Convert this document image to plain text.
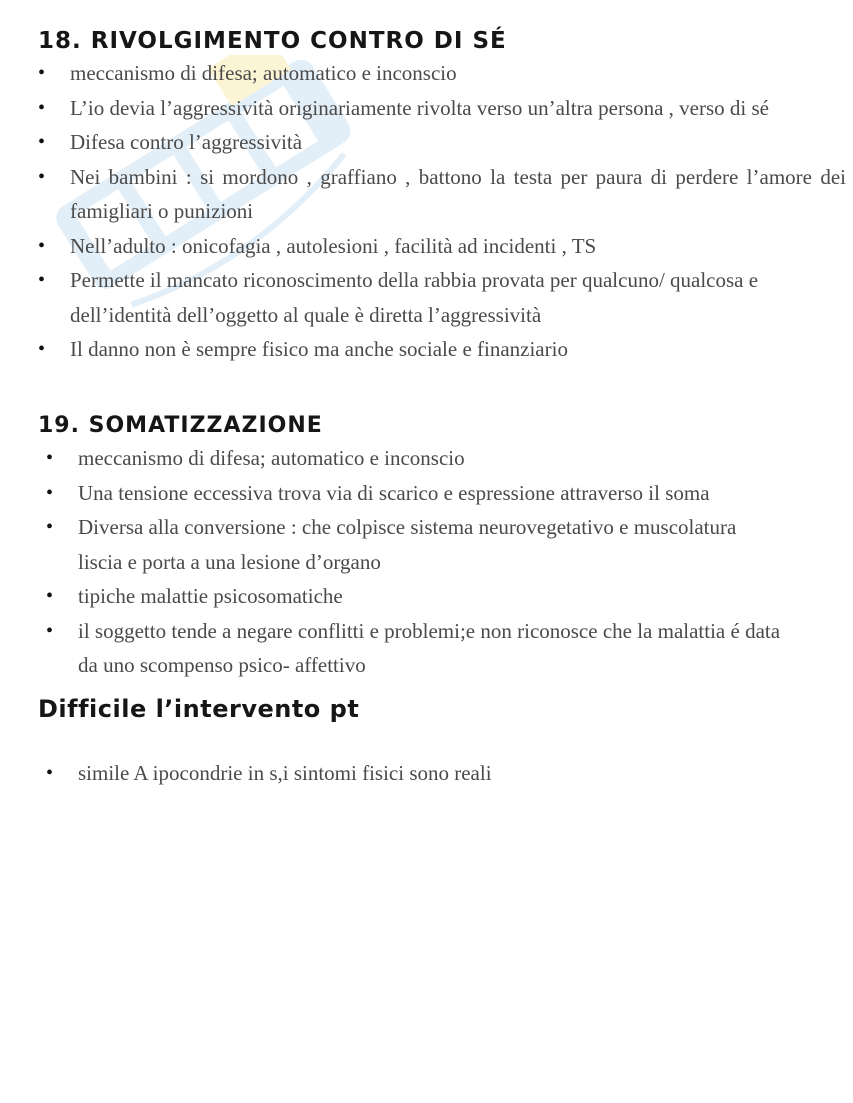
18. RIVOLGIMENTO CONTRO DI SÉ
• meccanismo di difesa; automatico e inconscio
• L’io devia l’aggressività originariamente rivolta verso un’altra persona , verso di sé
• Difesa contro l’aggressività
• Nei bambini : si mordono , graffiano , battono la testa per paura di perdere l’amore dei famigliari o punizioni
• Nell’adulto : onicofagia , autolesioni , facilità ad incidenti , TS
• Permette il mancato riconoscimento della rabbia provata per qualcuno/ qualcosa e dell’identità dell’oggetto al quale è diretta l’aggressività
• Il danno non è sempre fisico ma anche sociale e finanziario
19. SOMATIZZAZIONE
• meccanismo di difesa; automatico e inconscio
• Una tensione eccessiva trova via di scarico e espressione attraverso il soma
• Diversa alla conversione : che colpisce sistema neurovegetativo e muscolatura liscia e porta a una lesione d’organo
• tipiche malattie psicosomatiche
• il soggetto tende a negare conflitti e problemi;e non riconosce che la malattia é data da uno scompenso psico- affettivo
Difficile l’intervento pt
• simile A ipocondrie in s,i sintomi fisici sono reali
